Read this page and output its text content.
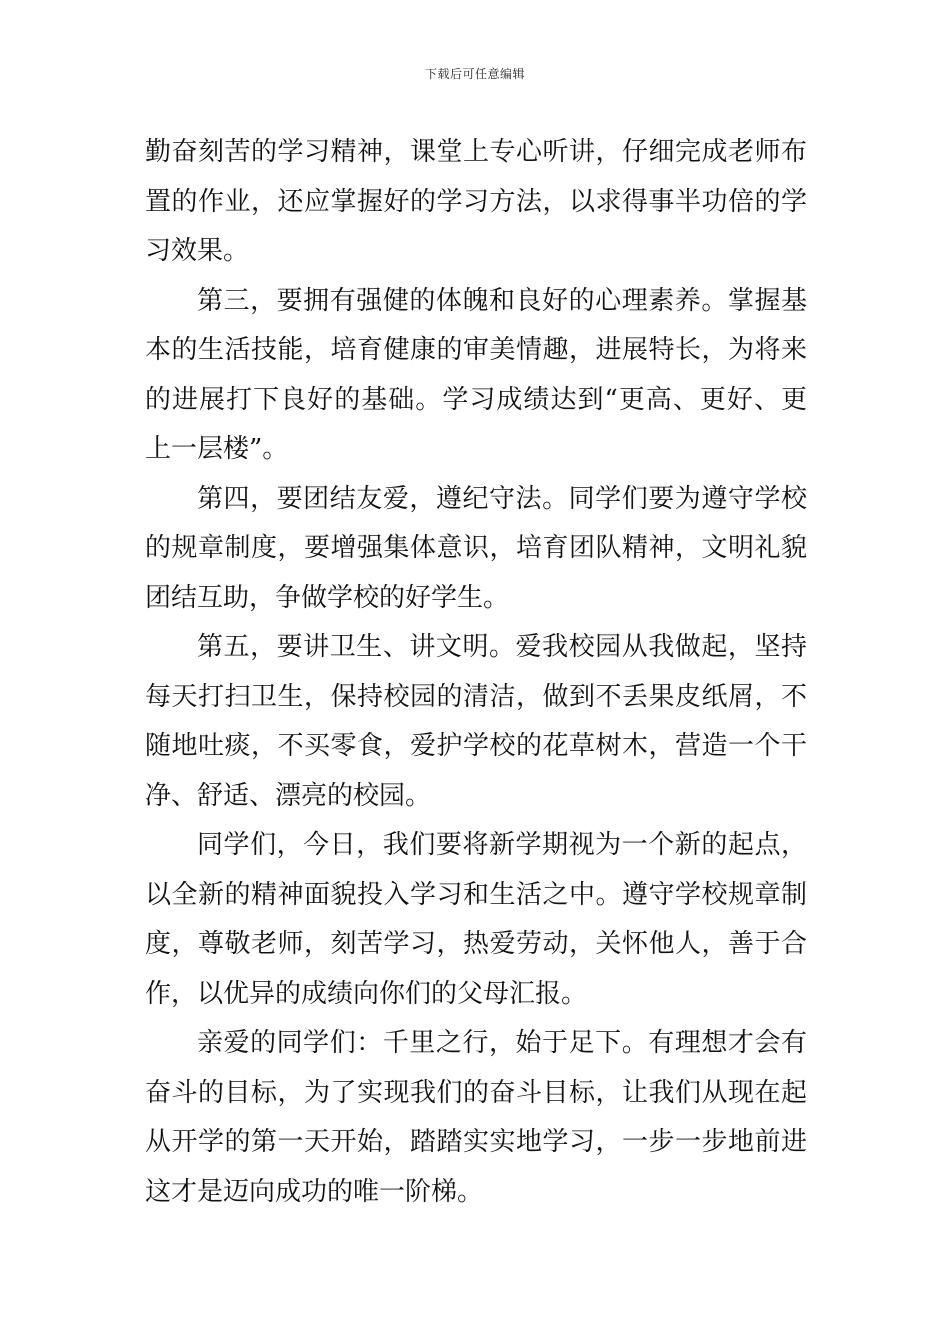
下载后可任意编辑

勤奋刻苦的学习精神，课堂上专心听讲，仔细完成老师布置的作业，还应掌握好的学习方法，以求得事半功倍的学习效果。

第三，要拥有强健的体魄和良好的心理素养。掌握基本的生活技能，培育健康的审美情趣，进展特长，为将来的进展打下良好的基础。学习成绩达到“更高、更好、更上一层楼”。

第四，要团结友爱，遵纪守法。同学们要为遵守学校的规章制度，要增强集体意识，培育团队精神，文明礼貌团结互助，争做学校的好学生。

第五，要讲卫生、讲文明。爱我校园从我做起，坚持每天打扫卫生，保持校园的清洁，做到不丢果皮纸屑，不随地吐痰，不买零食，爱护学校的花草树木，营造一个干净、舒适、漂亮的校园。

同学们，今日，我们要将新学期视为一个新的起点，以全新的精神面貌投入学习和生活之中。遵守学校规章制度，尊敬老师，刻苦学习，热爱劳动，关怀他人，善于合作，以优异的成绩向你们的父母汇报。

亲爱的同学们：千里之行，始于足下。有理想才会有奋斗的目标，为了实现我们的奋斗目标，让我们从现在起从开学的第一天开始，踏踏实实地学习，一步一步地前进这才是迈向成功的唯一阶梯。
